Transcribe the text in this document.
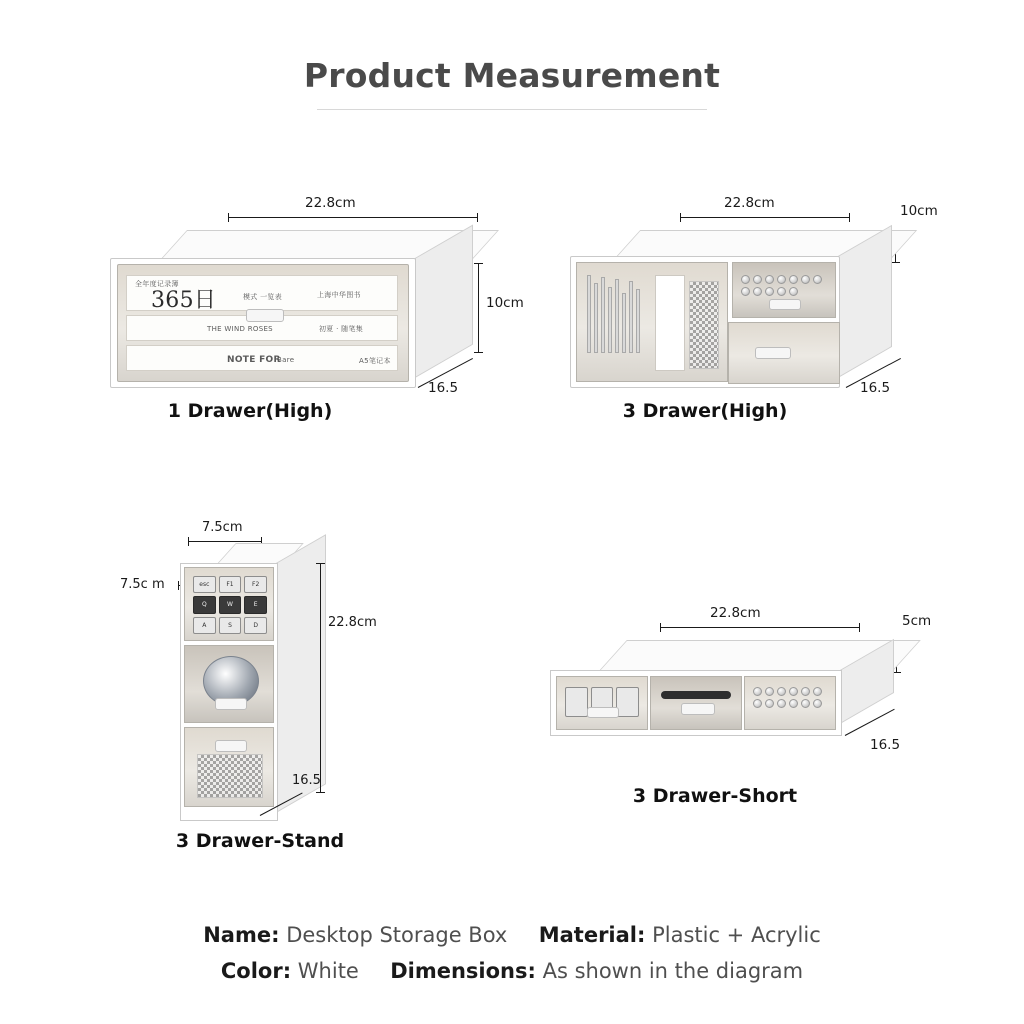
Product Measurement
22.8cm
全年度记录簿
365日	模式 一览表	上海中华图书
THE WIND ROSES	初夏 · 随笔集
NOTE FOR
Bare	A5笔记本
10cm
16.5
1 Drawer(High)
22.8cm	10cm
16.5
3 Drawer(High)
7.5cm
7.5c m	esc	F1	F2
Q	W	E
A	S	D	22.8cm
16.5
3 Drawer-Stand
22.8cm	5cm
16.5
3 Drawer-Short
Name: Desktop Storage Box Material: Plastic + Acrylic
Color: White Dimensions: As shown in the diagram
